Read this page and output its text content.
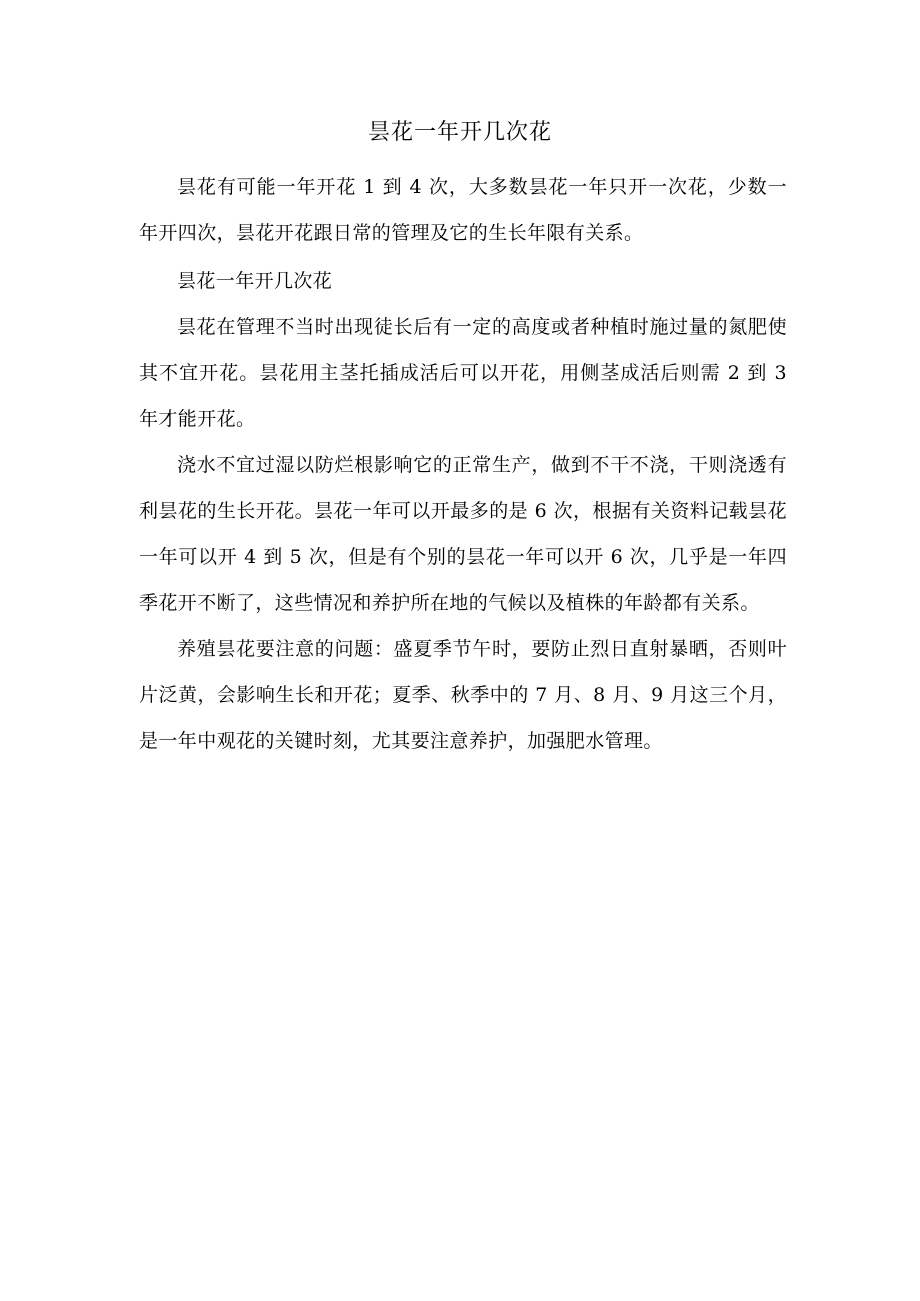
昙花一年开几次花

昙花有可能一年开花 1 到 4 次，大多数昙花一年只开一次花，少数一年开四次，昙花开花跟日常的管理及它的生长年限有关系。

昙花一年开几次花

昙花在管理不当时出现徒长后有一定的高度或者种植时施过量的氮肥使其不宜开花。昙花用主茎托插成活后可以开花，用侧茎成活后则需 2 到 3 年才能开花。

浇水不宜过湿以防烂根影响它的正常生产，做到不干不浇，干则浇透有利昙花的生长开花。昙花一年可以开最多的是 6 次，根据有关资料记载昙花一年可以开 4 到 5 次，但是有个别的昙花一年可以开 6 次，几乎是一年四季花开不断了，这些情况和养护所在地的气候以及植株的年龄都有关系。

养殖昙花要注意的问题：盛夏季节午时，要防止烈日直射暴晒，否则叶片泛黄，会影响生长和开花；夏季、秋季中的 7 月、8 月、9 月这三个月，是一年中观花的关键时刻，尤其要注意养护，加强肥水管理。
